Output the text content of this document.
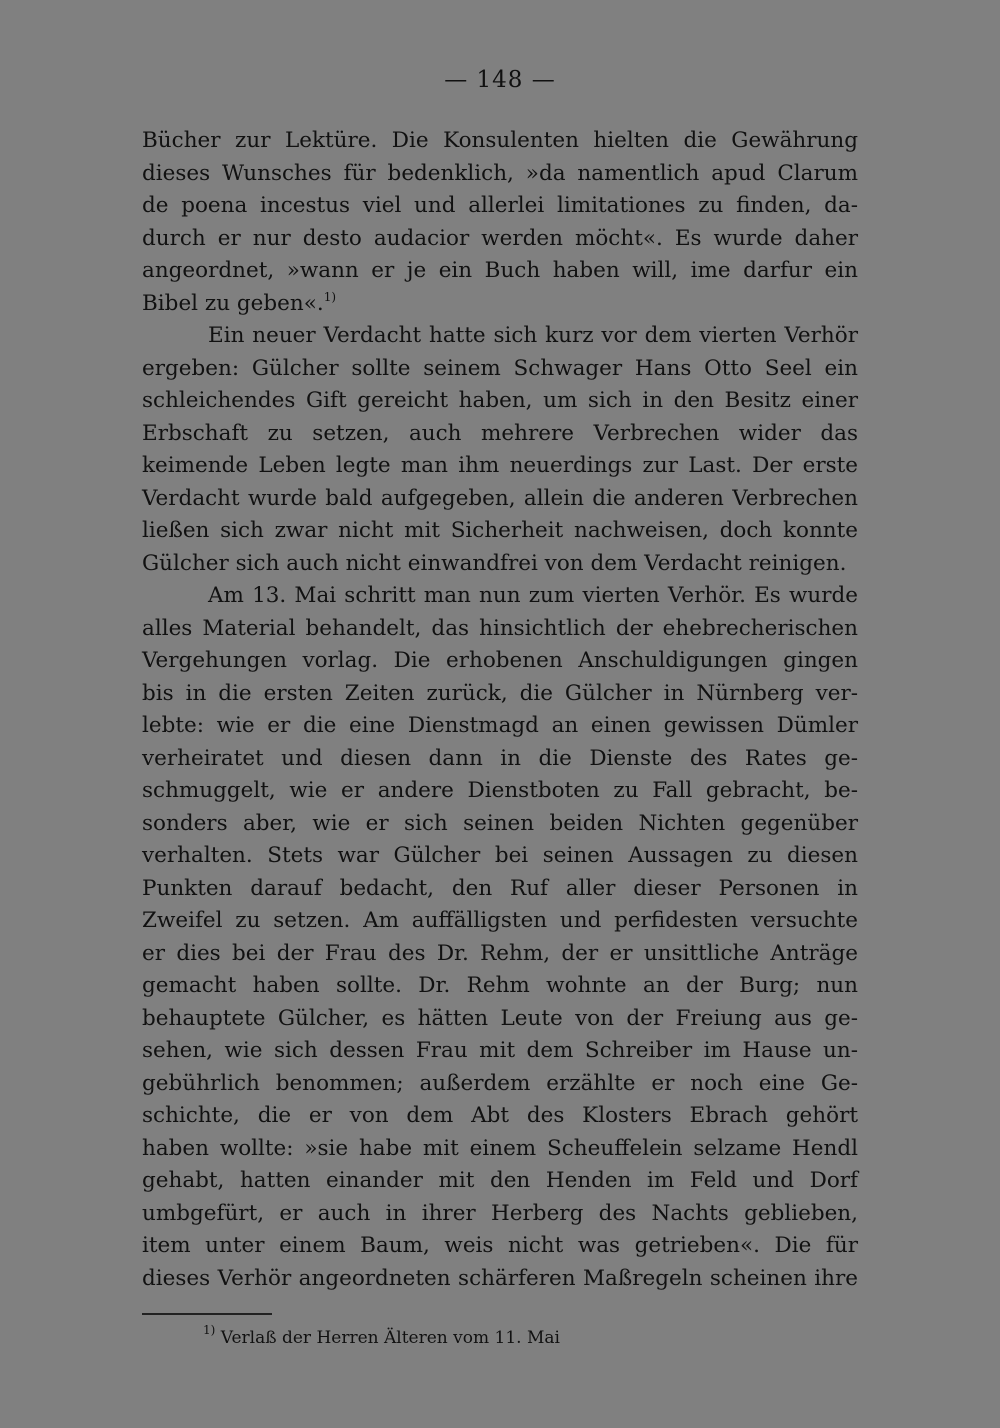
— 148 —
Bücher zur Lektüre. Die Konsulenten hielten die Gewährung
dieses Wunsches für bedenklich, »da namentlich apud Clarum
de poena incestus viel und allerlei limitationes zu finden, da-
durch er nur desto audacior werden möcht«. Es wurde daher
angeordnet, »wann er je ein Buch haben will, ime darfur ein
Bibel zu geben«.$^{1)}$
Ein neuer Verdacht hatte sich kurz vor dem vierten Verhör
ergeben: Gülcher sollte seinem Schwager Hans Otto Seel ein
schleichendes Gift gereicht haben, um sich in den Besitz einer
Erbschaft zu setzen, auch mehrere Verbrechen wider das
keimende Leben legte man ihm neuerdings zur Last. Der erste
Verdacht wurde bald aufgegeben, allein die anderen Verbrechen
ließen sich zwar nicht mit Sicherheit nachweisen, doch konnte
Gülcher sich auch nicht einwandfrei von dem Verdacht reinigen.
Am 13. Mai schritt man nun zum vierten Verhör. Es wurde
alles Material behandelt, das hinsichtlich der ehebrecherischen
Vergehungen vorlag. Die erhobenen Anschuldigungen gingen
bis in die ersten Zeiten zurück, die Gülcher in Nürnberg ver-
lebte: wie er die eine Dienstmagd an einen gewissen Dümler
verheiratet und diesen dann in die Dienste des Rates ge-
schmuggelt, wie er andere Dienstboten zu Fall gebracht, be-
sonders aber, wie er sich seinen beiden Nichten gegenüber
verhalten. Stets war Gülcher bei seinen Aussagen zu diesen
Punkten darauf bedacht, den Ruf aller dieser Personen in
Zweifel zu setzen. Am auffälligsten und perfidesten versuchte
er dies bei der Frau des Dr. Rehm, der er unsittliche Anträge
gemacht haben sollte. Dr. Rehm wohnte an der Burg; nun
behauptete Gülcher, es hätten Leute von der Freiung aus ge-
sehen, wie sich dessen Frau mit dem Schreiber im Hause un-
gebührlich benommen; außerdem erzählte er noch eine Ge-
schichte, die er von dem Abt des Klosters Ebrach gehört
haben wollte: »sie habe mit einem Scheuffelein selzame Hendl
gehabt, hatten einander mit den Henden im Feld und Dorf
umbgefürt, er auch in ihrer Herberg des Nachts geblieben,
item unter einem Baum, weis nicht was getrieben«. Die für
dieses Verhör angeordneten schärferen Maßregeln scheinen ihre
$^{1)}$ Verlaß der Herren Älteren vom 11. Mai
